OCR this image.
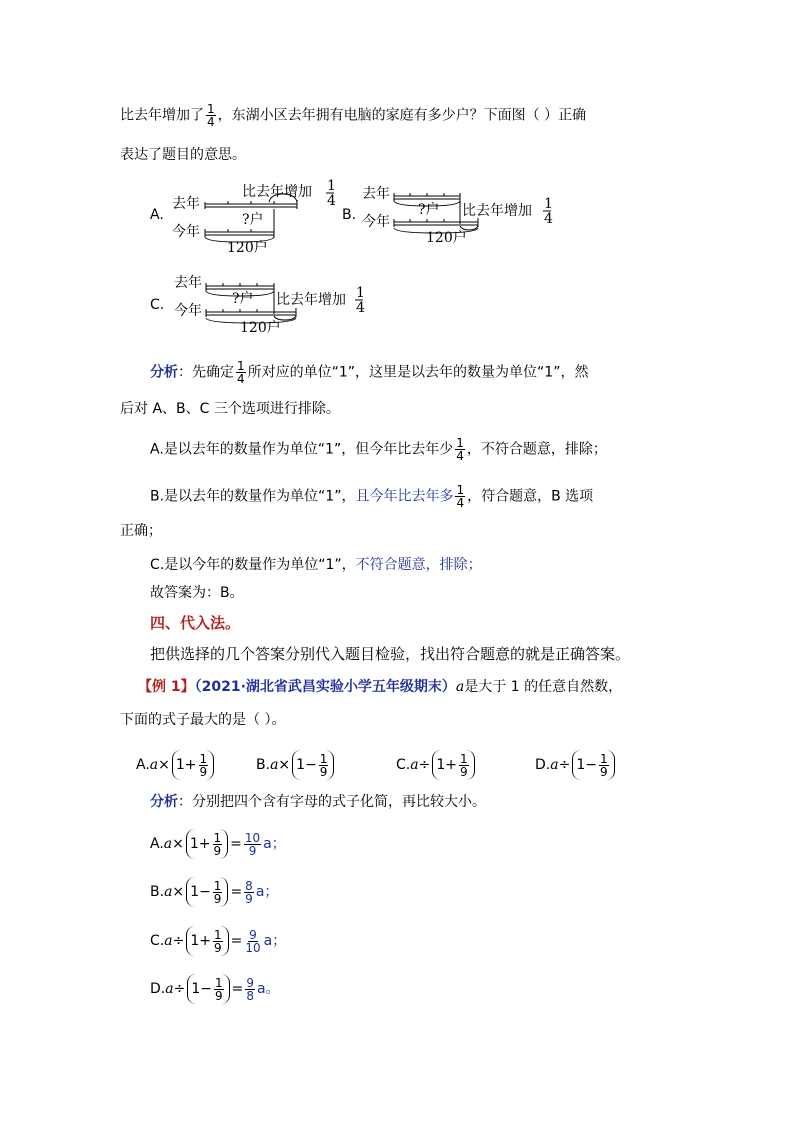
比去年增加了 $\frac{1}{4}$ ，东湖小区去年拥有电脑的家庭有多少户？下面图（ ）正确
表达了题目的意思。
A.
去年
今年
比去年增加 1
4
?户
120户
B.
去年
今年
?户
120户
比去年增加 1
4
C.
去年
今年
?户
120户
比去年增加 1
4
分析：先确定 $\frac{1}{4}$ 所对应的单位“1”，这里是以去年的数量为单位“1”，然
后对 A、B、C 三个选项进行排除。
A.是以去年的数量作为单位“1”，但今年比去年少 $\frac{1}{4}$ ，不符合题意，排除；
B.是以去年的数量作为单位“1”，且今年比去年多 $\frac{1}{4}$ ，符合题意，B 选项
正确；
C.是以今年的数量作为单位“1”，不符合题意，排除；
故答案为：B。
四、代入法。
把供选择的几个答案分别代入题目检验，找出符合题意的就是正确答案。
【例 1】（2021·湖北省武昌实验小学五年级期末）a是大于 1 的任意自然数，
下面的式子最大的是（ ）。
$A.a\times 1+ \frac{1}{9}$	$B.a\times 1- \frac{1}{9}$	$C.a\div 1+ \frac{1}{9}$	$D.a\div 1- \frac{1}{9}$
分析：分别把四个含有字母的式子化简，再比较大小。
$A.a\times 1+ \frac{1}{9} = \frac{10}{9}$ a；
$B.a\times 1- \frac{1}{9} = \frac{8}{9}$ a；
$C.a\div 1+ \frac{1}{9} = \frac{9}{10}$ a；
$D.a\div 1- \frac{1}{9} = \frac{9}{8}$ a。
